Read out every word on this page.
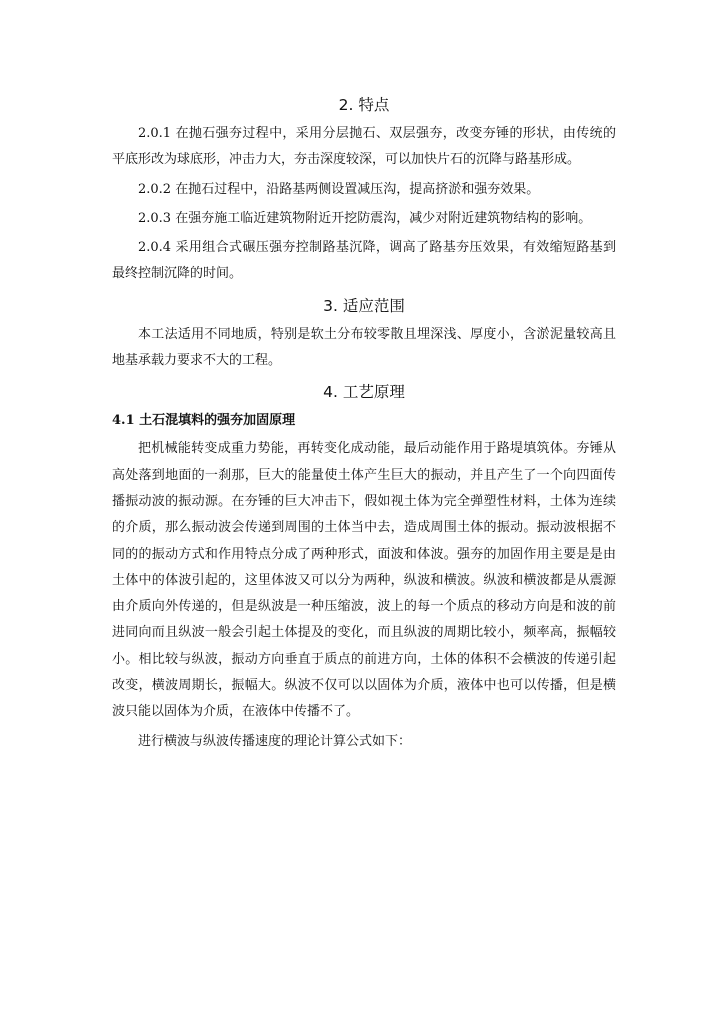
2. 特点

2.0.1 在抛石强夯过程中，采用分层抛石、双层强夯，改变夯锤的形状，由传统的平底形改为球底形，冲击力大，夯击深度较深，可以加快片石的沉降与路基形成。

2.0.2 在抛石过程中，沿路基两侧设置减压沟，提高挤淤和强夯效果。

2.0.3 在强夯施工临近建筑物附近开挖防震沟，减少对附近建筑物结构的影响。

2.0.4 采用组合式碾压强夯控制路基沉降，调高了路基夯压效果，有效缩短路基到最终控制沉降的时间。

3. 适应范围

本工法适用不同地质，特别是软土分布较零散且埋深浅、厚度小，含淤泥量较高且地基承载力要求不大的工程。

4. 工艺原理
4.1 土石混填料的强夯加固原理

把机械能转变成重力势能，再转变化成动能，最后动能作用于路堤填筑体。夯锤从高处落到地面的一刹那，巨大的能量使土体产生巨大的振动，并且产生了一个向四面传播振动波的振动源。在夯锤的巨大冲击下，假如视土体为完全弹塑性材料，土体为连续的介质，那么振动波会传递到周围的土体当中去，造成周围土体的振动。振动波根据不同的的振动方式和作用特点分成了两种形式，面波和体波。强夯的加固作用主要是是由土体中的体波引起的，这里体波又可以分为两种，纵波和横波。纵波和横波都是从震源由介质向外传递的，但是纵波是一种压缩波，波上的每一个质点的移动方向是和波的前进同向而且纵波一般会引起土体提及的变化，而且纵波的周期比较小，频率高，振幅较小。相比较与纵波，振动方向垂直于质点的前进方向，土体的体积不会横波的传递引起改变，横波周期长，振幅大。纵波不仅可以以固体为介质，液体中也可以传播，但是横波只能以固体为介质，在液体中传播不了。

进行横波与纵波传播速度的理论计算公式如下：
